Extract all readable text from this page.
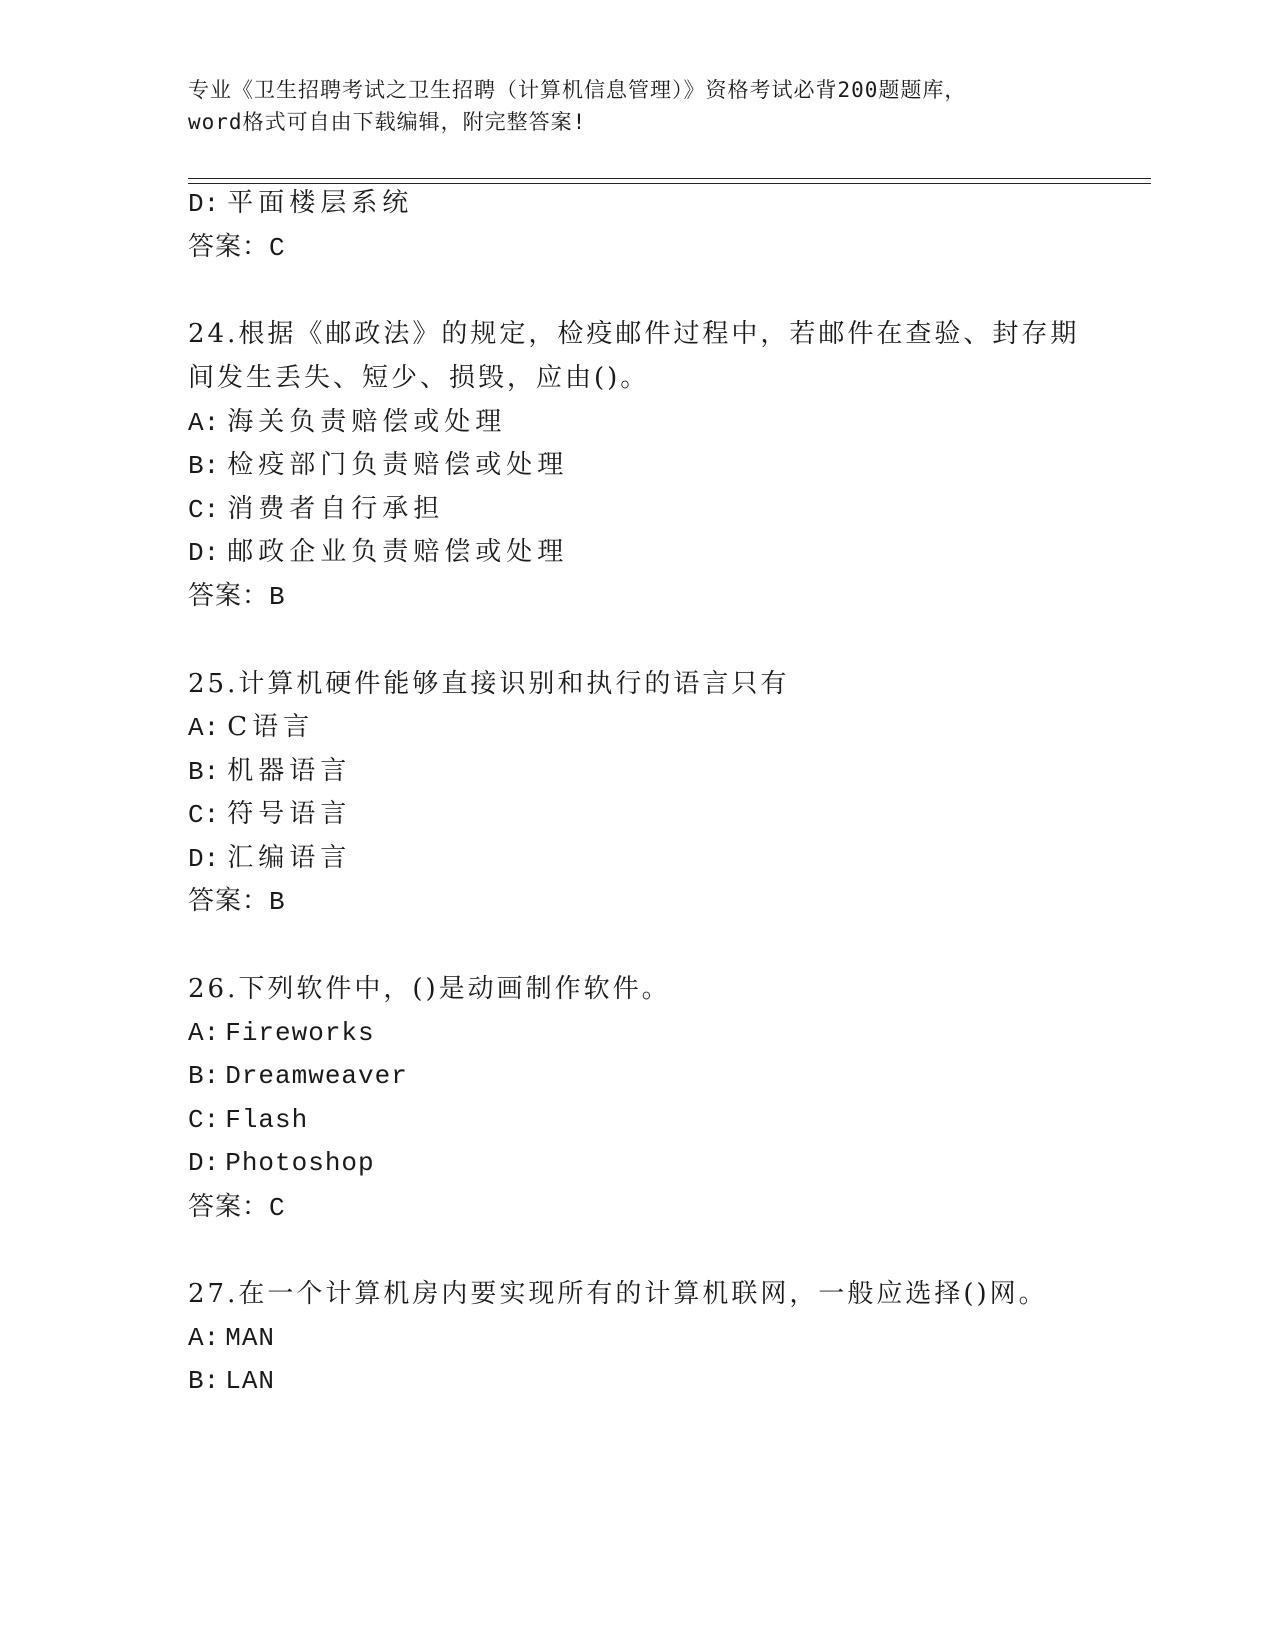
专业《卫生招聘考试之卫生招聘（计算机信息管理）》资格考试必背200题题库，
word格式可自由下载编辑，附完整答案!
D: 平面楼层系统
答案：C
24.根据《邮政法》的规定，检疫邮件过程中，若邮件在查验、封存期
间发生丢失、短少、损毁，应由()。
A: 海关负责赔偿或处理
B: 检疫部门负责赔偿或处理
C: 消费者自行承担
D: 邮政企业负责赔偿或处理
答案：B
25.计算机硬件能够直接识别和执行的语言只有
A: C语言
B: 机器语言
C: 符号语言
D: 汇编语言
答案：B
26.下列软件中，()是动画制作软件。
A: Fireworks
B: Dreamweaver
C: Flash
D: Photoshop
答案：C
27.在一个计算机房内要实现所有的计算机联网，一般应选择()网。
A: MAN
B: LAN
